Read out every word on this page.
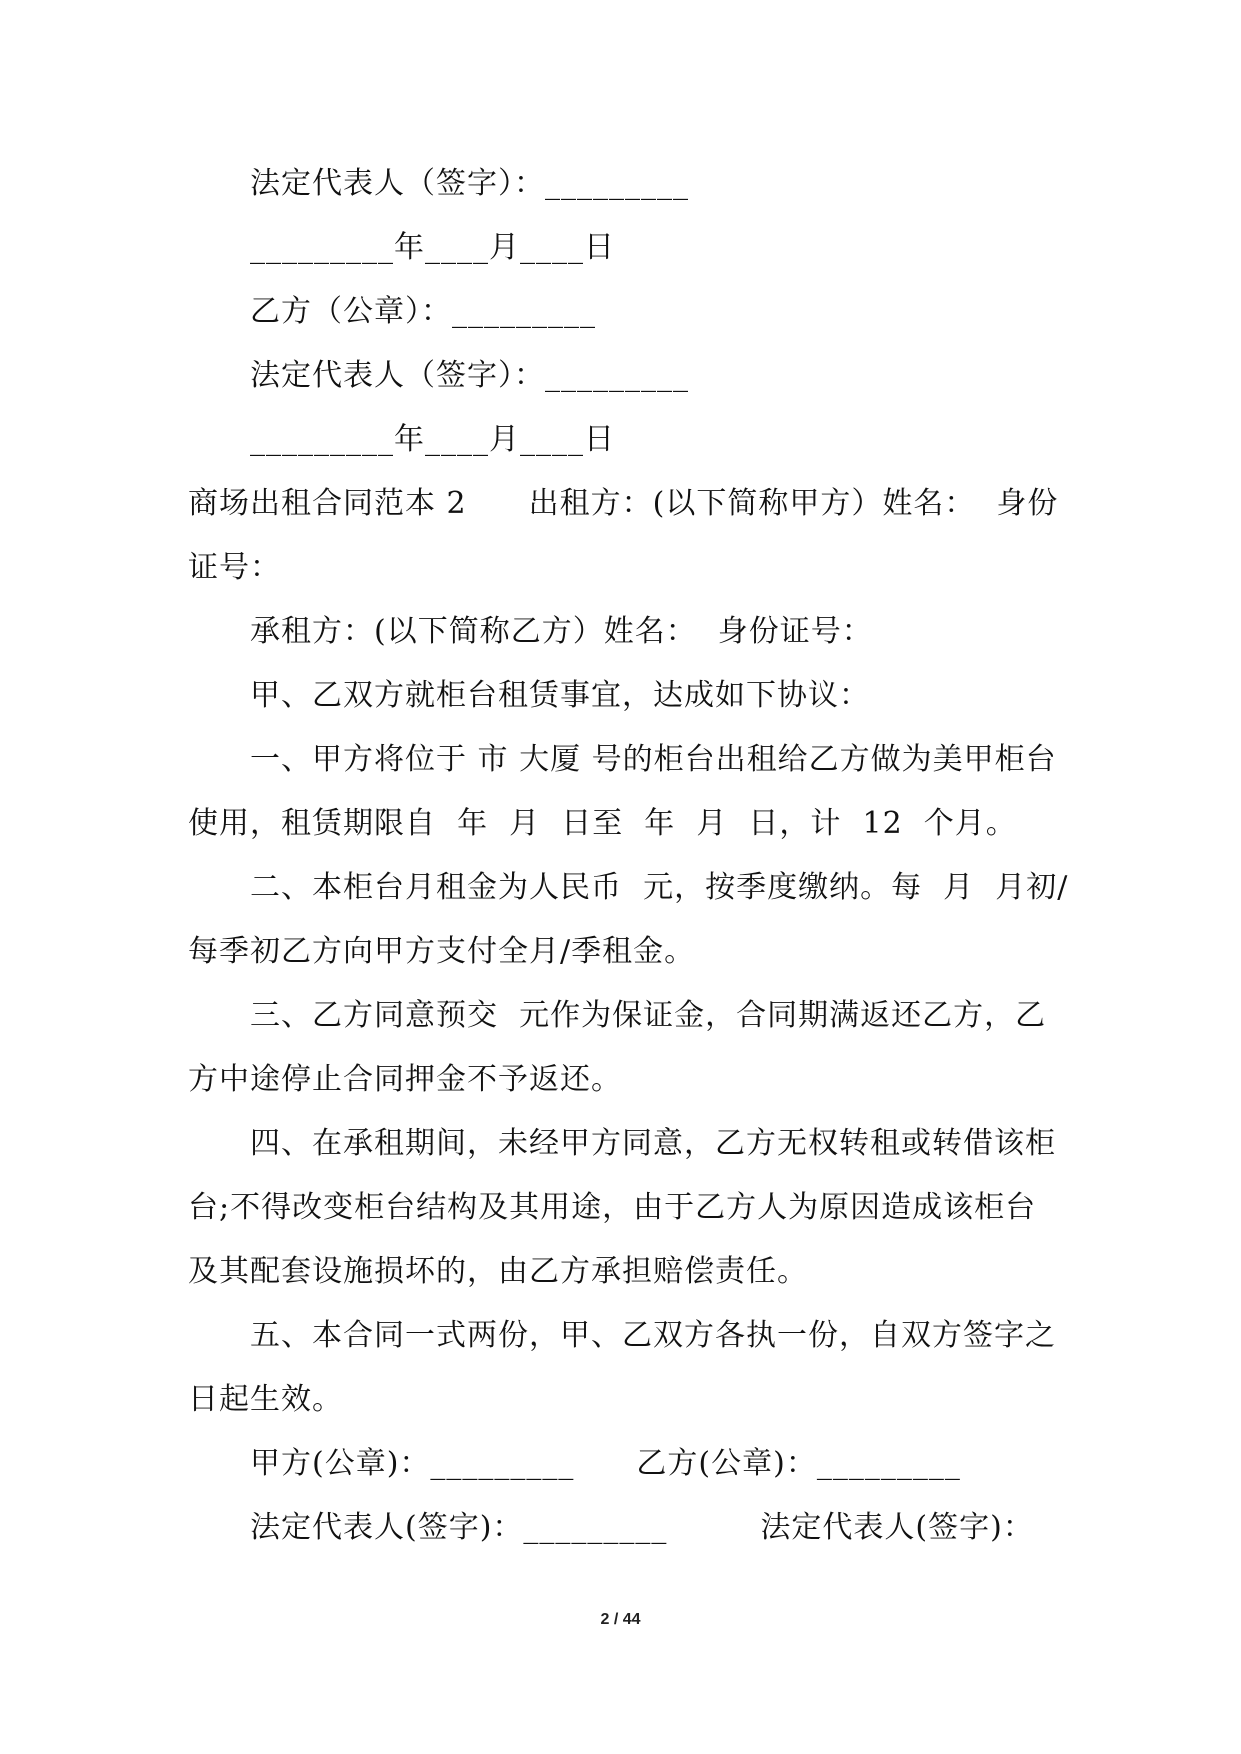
法定代表人（签字）：_________
_________年____月____日
乙方（公章）：_________
法定代表人（签字）：_________
_________年____月____日
商场出租合同范本 2　　出租方：(以下简称甲方）姓名：  身份
证号：
承租方：(以下简称乙方）姓名：  身份证号：
甲、乙双方就柜台租赁事宜，达成如下协议：
一、甲方将位于 市 大厦 号的柜台出租给乙方做为美甲柜台
使用，租赁期限自  年  月  日至  年  月  日，计  12  个月。
二、本柜台月租金为人民币  元，按季度缴纳。每  月  月初/
每季初乙方向甲方支付全月/季租金。
三、乙方同意预交  元作为保证金，合同期满返还乙方，乙
方中途停止合同押金不予返还。
四、在承租期间，未经甲方同意，乙方无权转租或转借该柜
台;不得改变柜台结构及其用途，由于乙方人为原因造成该柜台
及其配套设施损坏的，由乙方承担赔偿责任。
五、本合同一式两份，甲、乙双方各执一份，自双方签字之
日起生效。
甲方(公章)：_________　　乙方(公章)：_________
法定代表人(签字)：_________　　　法定代表人(签字)：
2 / 44
